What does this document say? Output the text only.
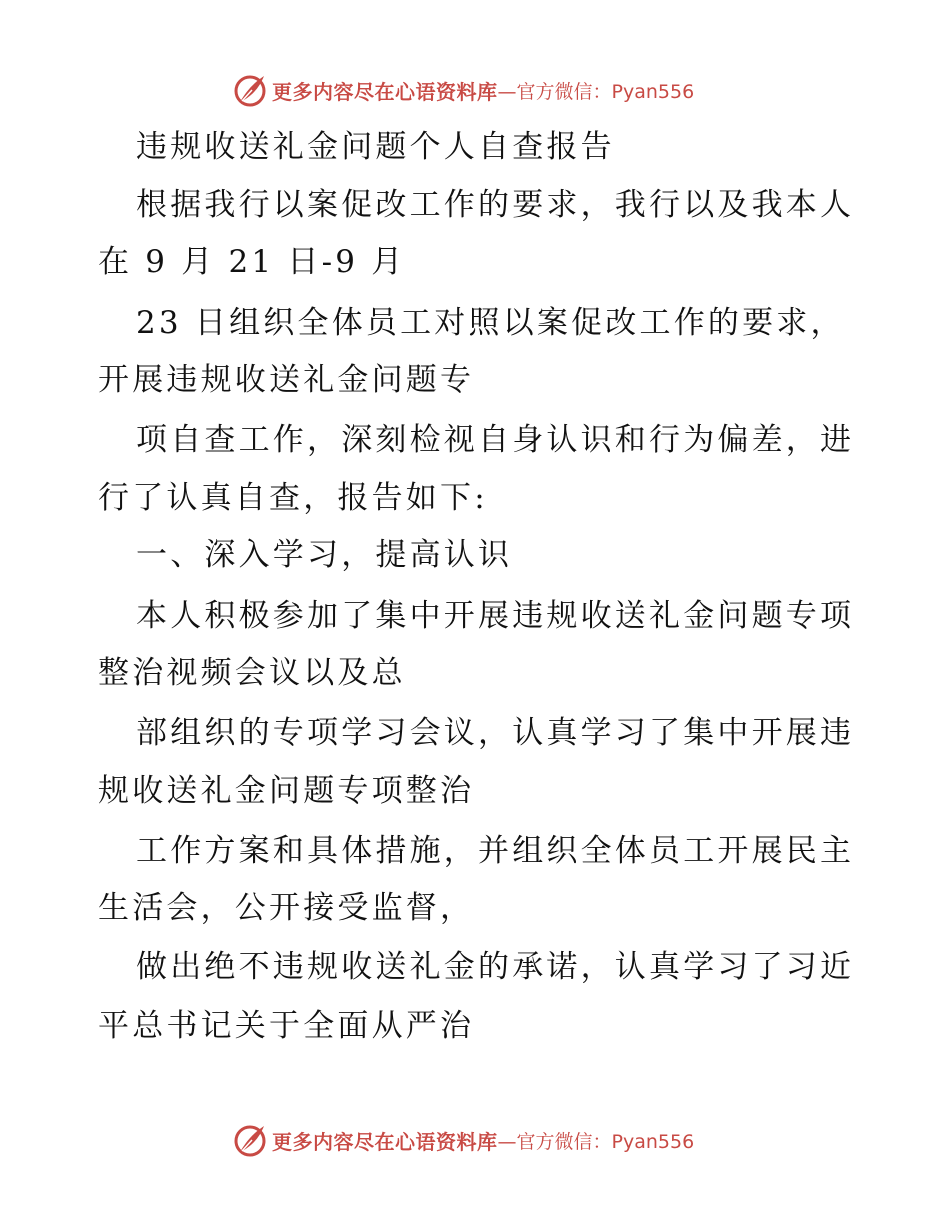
更多内容尽在心语资料库 —官方微信：Pyan556
违规收送礼金问题个人自查报告
根据我行以案促改工作的要求，我行以及我本人
在 9 月 21 日-9 月
23 日组织全体员工对照以案促改工作的要求，
开展违规收送礼金问题专
项自查工作，深刻检视自身认识和行为偏差，进
行了认真自查，报告如下:
一、深入学习，提高认识
本人积极参加了集中开展违规收送礼金问题专项
整治视频会议以及总
部组织的专项学习会议，认真学习了集中开展违
规收送礼金问题专项整治
工作方案和具体措施，并组织全体员工开展民主
生活会，公开接受监督，
做出绝不违规收送礼金的承诺，认真学习了习近
平总书记关于全面从严治
更多内容尽在心语资料库 —官方微信：Pyan556
